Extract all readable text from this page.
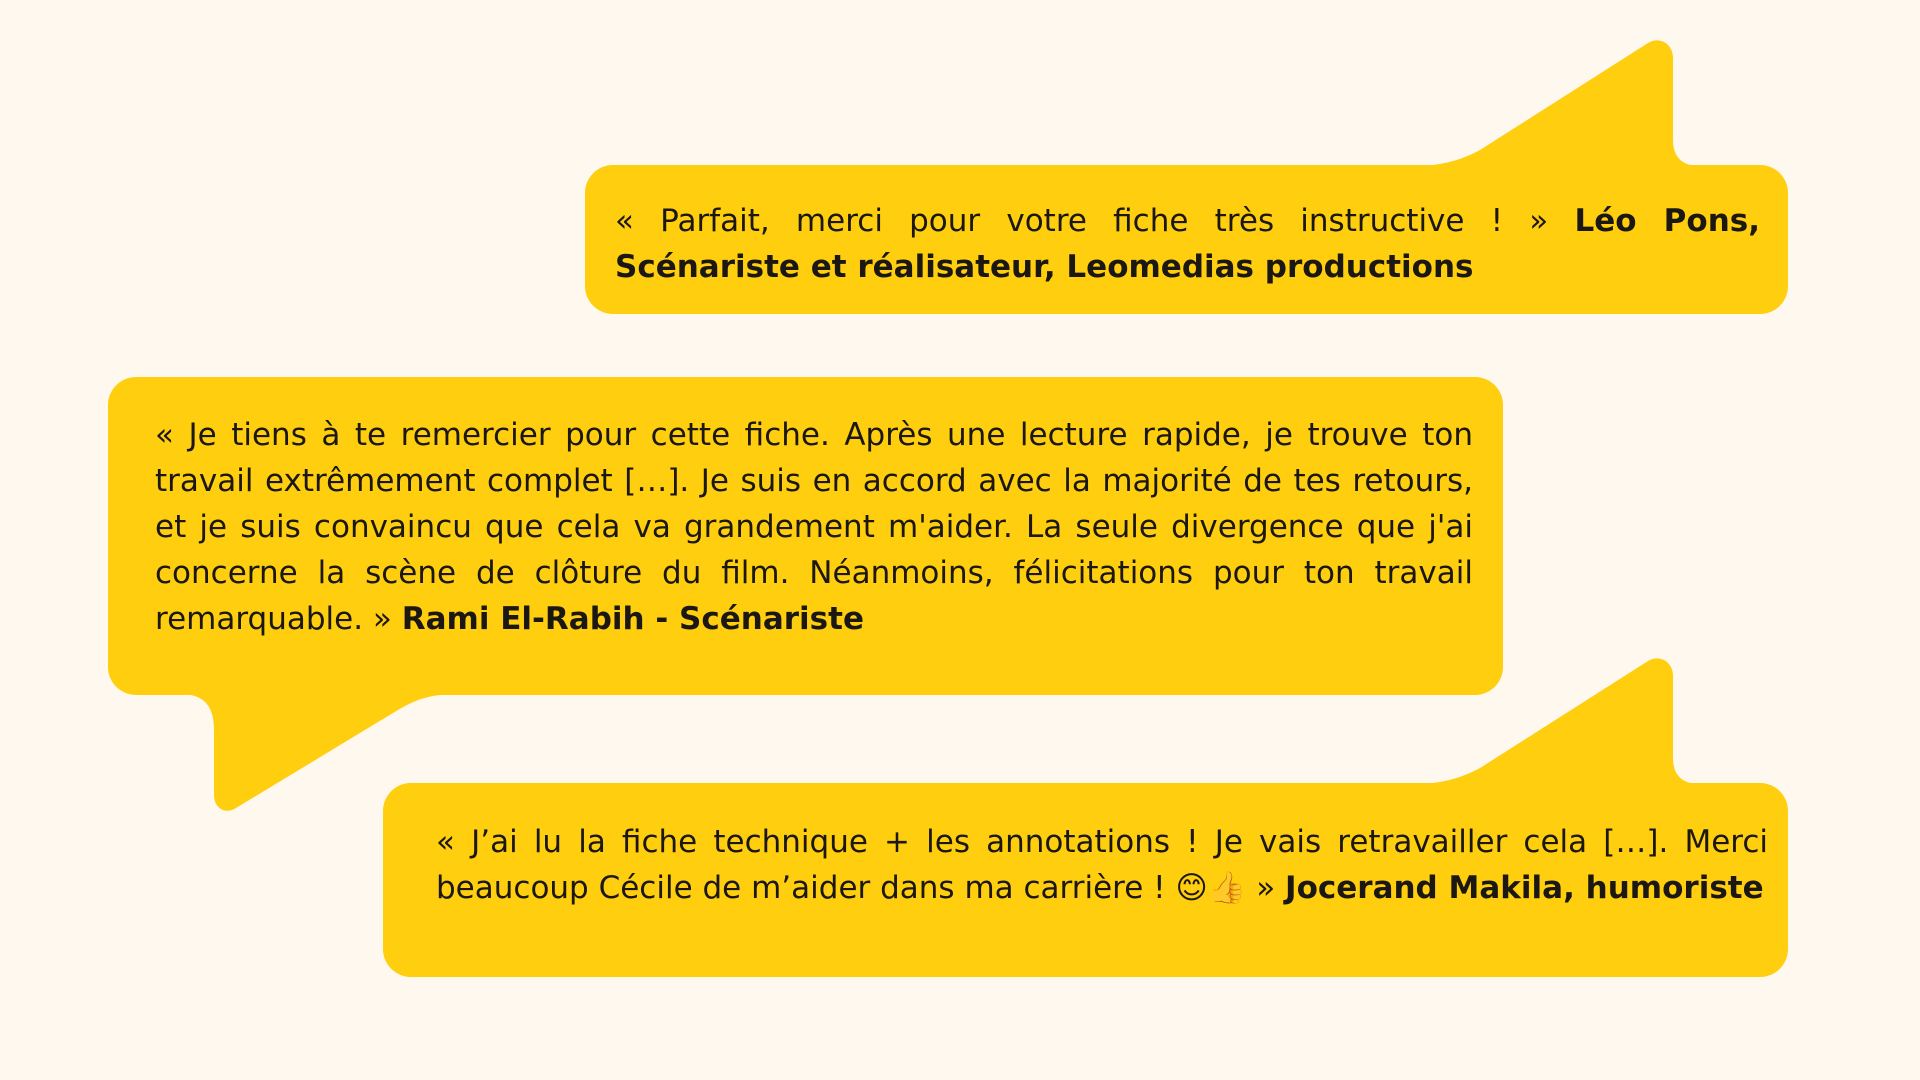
« Parfait, merci pour votre fiche très instructive ! » Léo Pons, Scénariste et réalisateur, Leomedias productions

« Je tiens à te remercier pour cette fiche. Après une lecture rapide, je trouve ton travail extrêmement complet […]. Je suis en accord avec la majorité de tes retours, et je suis convaincu que cela va grandement m'aider. La seule divergence que j'ai concerne la scène de clôture du film. Néanmoins, félicitations pour ton travail remarquable. » Rami El-Rabih - Scénariste

« J’ai lu la fiche technique + les annotations ! Je vais retravailler cela […]. Merci beaucoup Cécile de m’aider dans ma carrière ! 😊👍 » Jocerand Makila, humoriste
